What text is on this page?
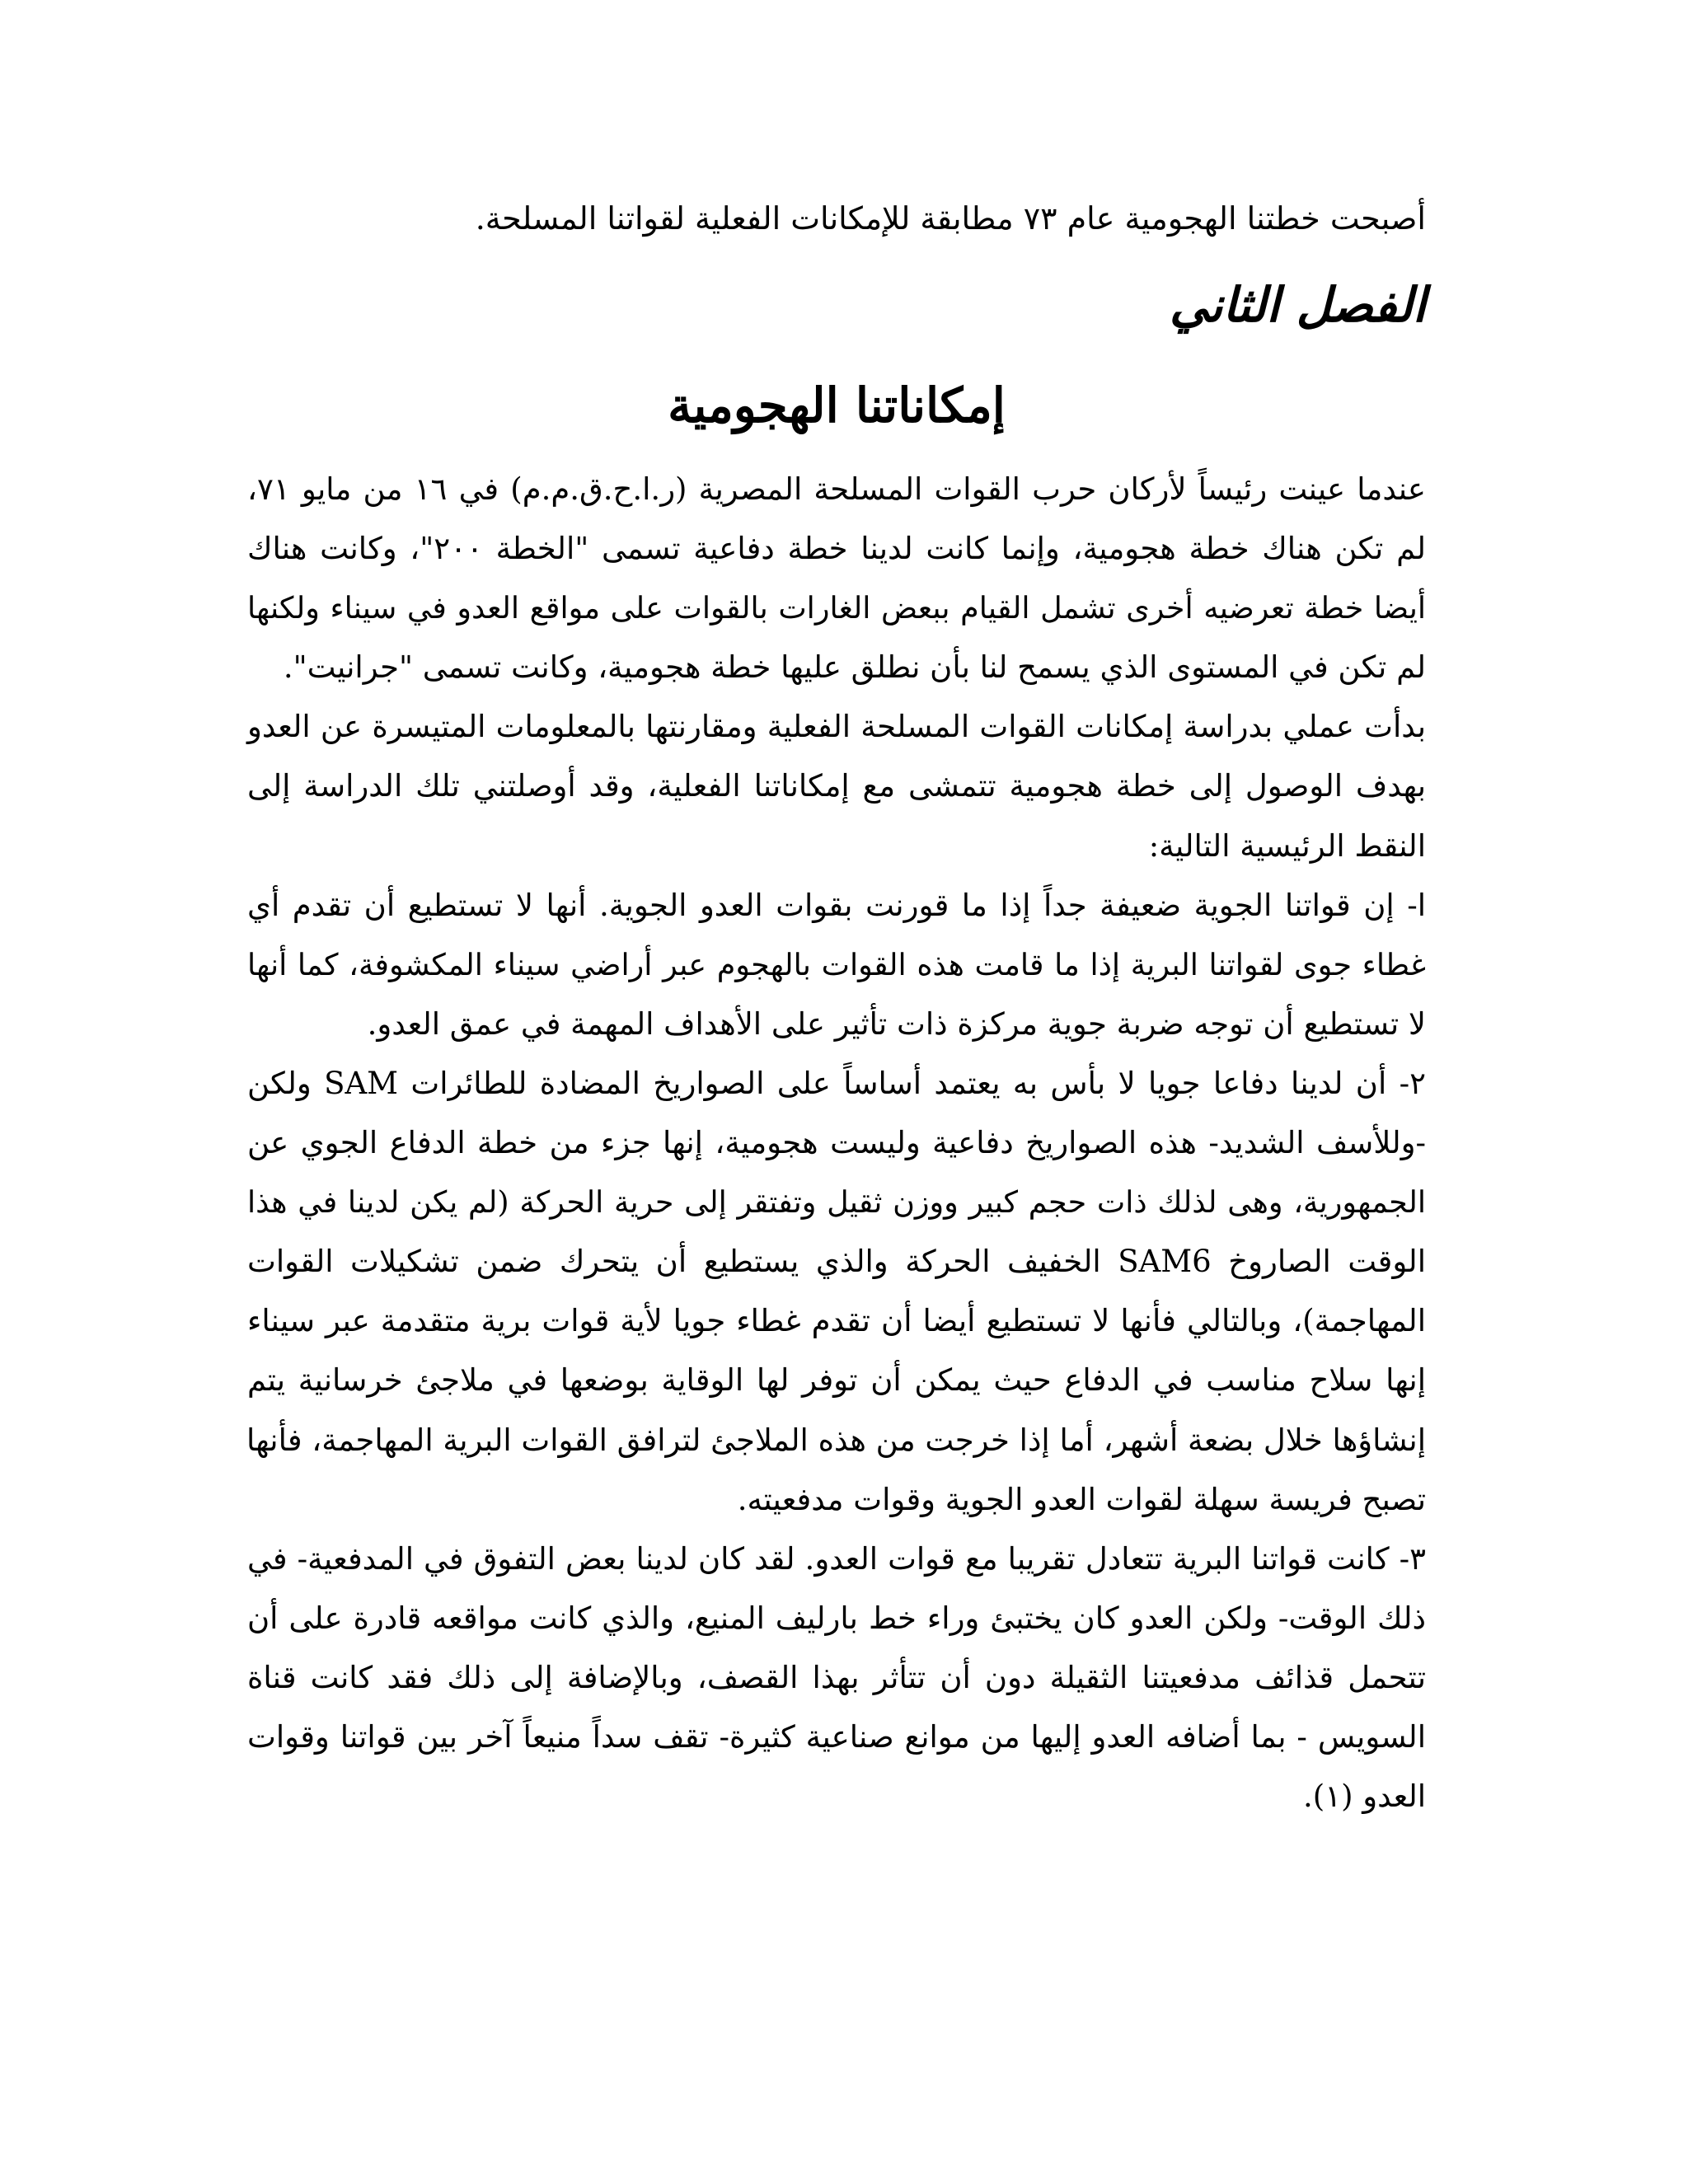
أصبحت خطتنا الهجومية عام ٧٣ مطابقة للإمكانات الفعلية لقواتنا المسلحة.
الفصل الثاني
إمكاناتنا الهجومية
عندما عينت رئيساً لأركان حرب القوات المسلحة المصرية (ر.ا.ح.ق.م.م) في ١٦ من مايو ٧١،
لم تكن هناك خطة هجومية، وإنما كانت لدينا خطة دفاعية تسمى "الخطة ٢٠٠"، وكانت هناك
أيضا خطة تعرضيه أخرى تشمل القيام ببعض الغارات بالقوات على مواقع العدو في سيناء ولكنها
لم تكن في المستوى الذي يسمح لنا بأن نطلق عليها خطة هجومية، وكانت تسمى "جرانيت".
بدأت عملي بدراسة إمكانات القوات المسلحة الفعلية ومقارنتها بالمعلومات المتيسرة عن العدو
بهدف الوصول إلى خطة هجومية تتمشى مع إمكاناتنا الفعلية، وقد أوصلتني تلك الدراسة إلى
النقط الرئيسية التالية:
ا- إن قواتنا الجوية ضعيفة جداً إذا ما قورنت بقوات العدو الجوية. أنها لا تستطيع أن تقدم أي
غطاء جوى لقواتنا البرية إذا ما قامت هذه القوات بالهجوم عبر أراضي سيناء المكشوفة، كما أنها
لا تستطيع أن توجه ضربة جوية مركزة ذات تأثير على الأهداف المهمة في عمق العدو.
٢- أن لدينا دفاعا جويا لا بأس به يعتمد أساساً على الصواريخ المضادة للطائرات SAM ولكن
-وللأسف الشديد- هذه الصواريخ دفاعية وليست هجومية، إنها جزء من خطة الدفاع الجوي عن
الجمهورية، وهى لذلك ذات حجم كبير ووزن ثقيل وتفتقر إلى حرية الحركة (لم يكن لدينا في هذا
الوقت الصاروخ SAM6 الخفيف الحركة والذي يستطيع أن يتحرك ضمن تشكيلات القوات
المهاجمة)، وبالتالي فأنها لا تستطيع أيضا أن تقدم غطاء جويا لأية قوات برية متقدمة عبر سيناء
إنها سلاح مناسب في الدفاع حيث يمكن أن توفر لها الوقاية بوضعها في ملاجئ خرسانية يتم
إنشاؤها خلال بضعة أشهر، أما إذا خرجت من هذه الملاجئ لترافق القوات البرية المهاجمة، فأنها
تصبح فريسة سهلة لقوات العدو الجوية وقوات مدفعيته.
٣- كانت قواتنا البرية تتعادل تقريبا مع قوات العدو. لقد كان لدينا بعض التفوق في المدفعية- في
ذلك الوقت- ولكن العدو كان يختبئ وراء خط بارليف المنيع، والذي كانت مواقعه قادرة على أن
تتحمل قذائف مدفعيتنا الثقيلة دون أن تتأثر بهذا القصف، وبالإضافة إلى ذلك فقد كانت قناة
السويس - بما أضافه العدو إليها من موانع صناعية كثيرة- تقف سداً منيعاً آخر بين قواتنا وقوات
العدو (١).
